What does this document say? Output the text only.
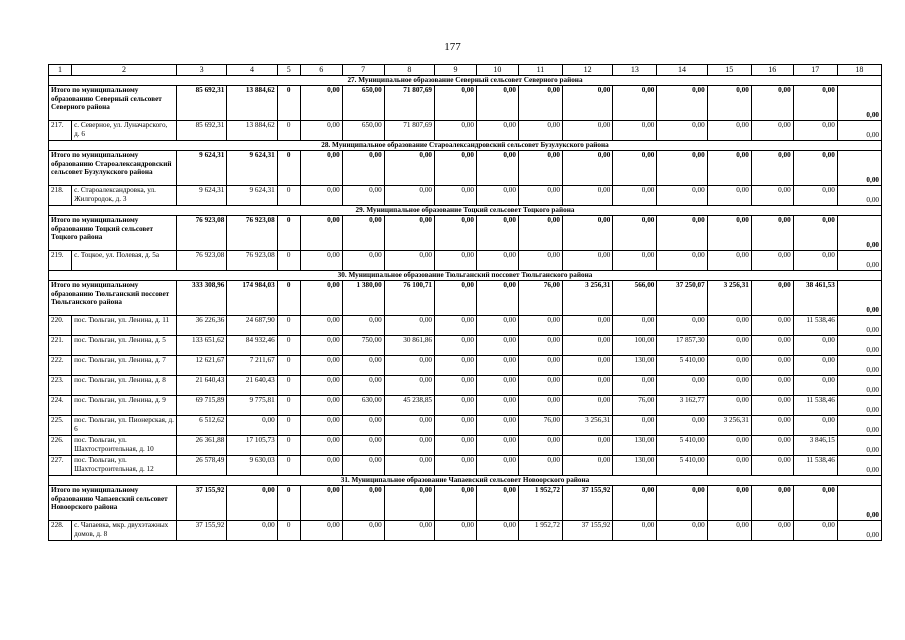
177
1	2	3	4	5	6	7	8	9	10	11	12	13	14	15	16	17	18
27. Муниципальное образование Северный сельсовет Северного района																	
Итого по муниципальному образованию Северный сельсовет Северного района		85 692,31	13 884,62	0	0,00	650,00	71 807,69	0,00	0,00	0,00	0,00	0,00	0,00	0,00	0,00	0,00	0,00
217.	с. Северное, ул. Луначарского, д. 6	85 692,31	13 884,62	0	0,00	650,00	71 807,69	0,00	0,00	0,00	0,00	0,00	0,00	0,00	0,00	0,00	0,00
28. Муниципальное образование Староалександровский сельсовет Бузулукского района																	
Итого по муниципальному образованию Староалександровский сельсовет Бузулукского района		9 624,31	9 624,31	0	0,00	0,00	0,00	0,00	0,00	0,00	0,00	0,00	0,00	0,00	0,00	0,00	0,00
218.	с. Староалександровка, ул. Жилгородок, д. 3	9 624,31	9 624,31	0	0,00	0,00	0,00	0,00	0,00	0,00	0,00	0,00	0,00	0,00	0,00	0,00	0,00
29. Муниципальное образование Тоцкий сельсовет Тоцкого района																	
Итого по муниципальному образованию Тоцкий сельсовет Тоцкого района		76 923,08	76 923,08	0	0,00	0,00	0,00	0,00	0,00	0,00	0,00	0,00	0,00	0,00	0,00	0,00	0,00
219.	с. Тоцкое, ул. Полевая, д. 5а	76 923,08	76 923,08	0	0,00	0,00	0,00	0,00	0,00	0,00	0,00	0,00	0,00	0,00	0,00	0,00	0,00
30. Муниципальное образование Тюльганский поссовет Тюльганского района																	
Итого по муниципальному образованию Тюльганский поссовет Тюльганского района		333 308,96	174 984,03	0	0,00	1 380,00	76 100,71	0,00	0,00	76,00	3 256,31	566,00	37 250,07	3 256,31	0,00	38 461,53	0,00
220.	пос. Тюльган, ул. Ленина, д. 11	36 226,36	24 687,90	0	0,00	0,00	0,00	0,00	0,00	0,00	0,00	0,00	0,00	0,00	0,00	11 538,46	0,00
221.	пос. Тюльган, ул. Ленина, д. 5	133 651,62	84 932,46	0	0,00	750,00	30 861,86	0,00	0,00	0,00	0,00	100,00	17 857,30	0,00	0,00	0,00	0,00
222.	пос. Тюльган, ул. Ленина, д. 7	12 621,67	7 211,67	0	0,00	0,00	0,00	0,00	0,00	0,00	0,00	130,00	5 410,00	0,00	0,00	0,00	0,00
223.	пос. Тюльган, ул. Ленина, д. 8	21 640,43	21 640,43	0	0,00	0,00	0,00	0,00	0,00	0,00	0,00	0,00	0,00	0,00	0,00	0,00	0,00
224.	пос. Тюльган, ул. Ленина, д. 9	69 715,89	9 775,81	0	0,00	630,00	45 238,85	0,00	0,00	0,00	0,00	76,00	3 162,77	0,00	0,00	11 538,46	0,00
225.	пос. Тюльган, ул. Пионерская, д. 6	6 512,62	0,00	0	0,00	0,00	0,00	0,00	0,00	76,00	3 256,31	0,00	0,00	3 256,31	0,00	0,00	0,00
226.	пос. Тюльган, ул. Шахтостроительная, д. 10	26 361,88	17 105,73	0	0,00	0,00	0,00	0,00	0,00	0,00	0,00	130,00	5 410,00	0,00	0,00	3 846,15	0,00
227.	пос. Тюльган, ул. Шахтостроительная, д. 12	26 578,49	9 630,03	0	0,00	0,00	0,00	0,00	0,00	0,00	0,00	130,00	5 410,00	0,00	0,00	11 538,46	0,00
31. Муниципальное образование Чапаевский сельсовет Новоорского района																	
Итого по муниципальному образованию Чапаевский сельсовет Новоорского района		37 155,92	0,00	0	0,00	0,00	0,00	0,00	0,00	1 952,72	37 155,92	0,00	0,00	0,00	0,00	0,00	0,00
228.	с. Чапаевка, мкр. двухэтажных домов, д. 8	37 155,92	0,00	0	0,00	0,00	0,00	0,00	0,00	1 952,72	37 155,92	0,00	0,00	0,00	0,00	0,00	0,00
